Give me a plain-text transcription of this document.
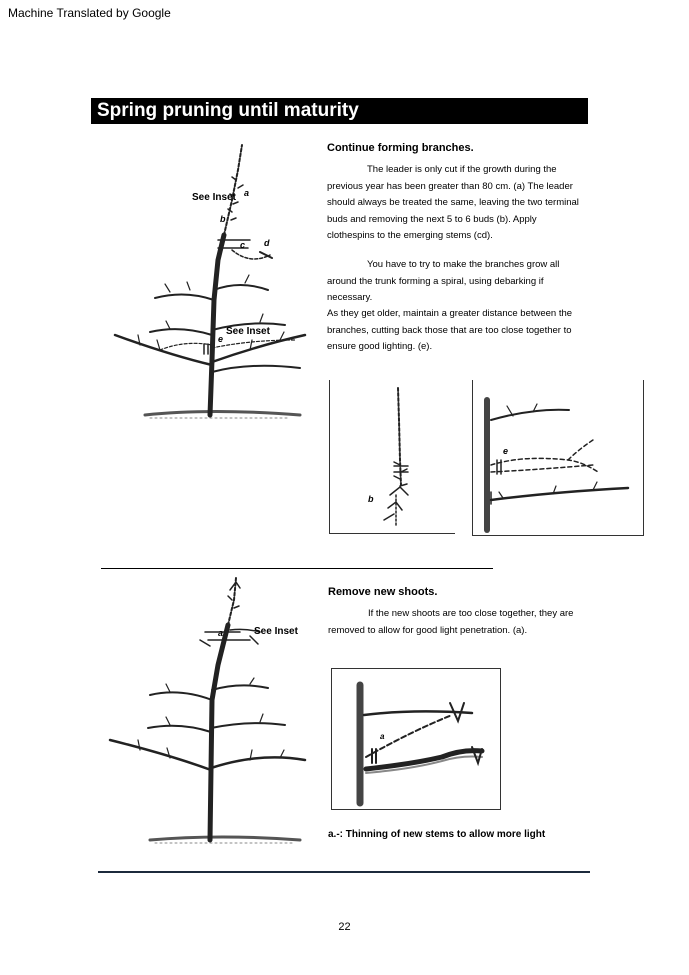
Machine Translated by Google
Spring pruning until maturity
See Inset a
b
c d
See Inset
e
Continue forming branches.
The leader is only cut if the growth during the previous year has been greater than 80 cm. (a) The leader should always be treated the same, leaving the two terminal buds and removing the next 5 to 6 buds (b). Apply clothespins to the emerging stems (cd).
You have to try to make the branches grow all around the trunk forming a spiral, using debarking if necessary.
As they get older, maintain a greater distance between the branches, cutting back those that are too close together to ensure good lighting. (e).
b
e
See Inset
a
Remove new shoots.
If the new shoots are too close together, they are removed to allow for good light penetration. (a).
a
a.-: Thinning of new stems to allow more light
22
